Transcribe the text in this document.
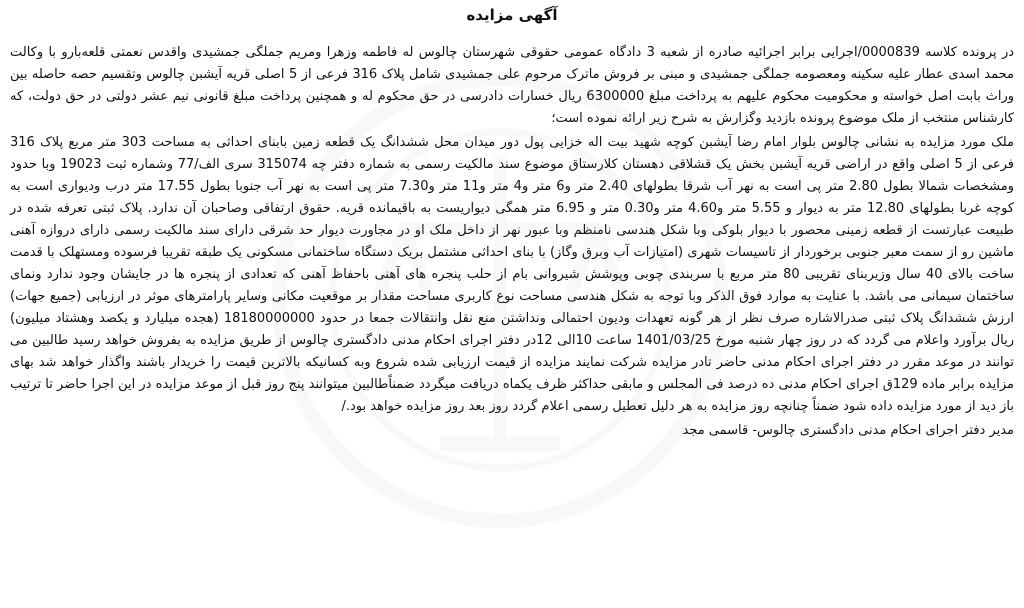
آگهی مزایده

در پرونده کلاسه 0000839/اجرایی برابر اجرائیه صادره از شعبه 3 دادگاه عمومی حقوقی شهرستان چالوس له فاطمه وزهرا ومریم جملگی جمشیدی واقدس نعمتی قلعه‌بارو با وکالت محمد اسدی عطار علیه سکینه ومعصومه جملگی جمشیدی و مبنی بر فروش ماترک مرحوم علی جمشیدی شامل پلاک 316 فرعی از 5 اصلی قریه آیشبن چالوس وتقسیم حصه حاصله بین وراث بابت اصل خواسته و محکومیت محکوم علیهم به پرداخت مبلغ 6300000 ریال خسارات دادرسی در حق محکوم له و همچنین پرداخت مبلغ قانونی نیم عشر دولتی در حق دولت، که کارشناس منتخب از ملک موضوع پرونده بازدید وگزارش به شرح زیر ارائه نموده است؛

ملک مورد مزایده به نشانی چالوس بلوار امام رضا آیشبن کوچه شهید بیت اله خزایی پول دور میدان محل ششدانگ یک قطعه زمین بابنای احداثی به مساحت 303 متر مربع پلاک 316 فرعی از 5 اصلی واقع در اراضی قریه آیشبن بخش یک قشلاقی دهستان کلارستاق موضوع سند مالکیت رسمی به شماره دفتر چه 315074 سری الف/77 وشماره ثبت 19023 وبا حدود ومشخصات شمالا بطول 2.80 متر پی است به نهر آب شرقا بطولهای 2.40 متر و6 متر و4 متر و11 متر و7.30 متر پی است به نهر آب جنوبا بطول 17.55 متر درب ودیواری است به کوچه غربا بطولهای 12.80 متر به دیوار و 5.55 متر و4.60 متر و0.30 متر و 6.95 متر همگی دیواریست به باقیمانده قریه. حقوق ارتفاقی وصاحبان آن ندارد. پلاک ثبتی تعرفه شده در طبیعت عبارتست از قطعه زمینی محصور با دیوار بلوکی وبا شکل هندسی نامنظم وبا عبور نهر از داخل ملک او در مجاورت دیوار حد شرقی دارای سند مالکیت رسمی دارای دروازه آهنی ماشین رو از سمت معبر جنوبی برخوردار از تاسیسات شهری (امتیازات آب وبرق وگاز) با بنای احداثی مشتمل بریک دستگاه ساختمانی مسکونی یک طبقه تقریبا فرسوده ومستهلک با قدمت ساخت بالای 40 سال وزیربنای تقریبی 80 متر مربع با سربندی چوبی وپوشش شیروانی بام از حلب پنجره های آهنی باحفاظ آهنی که تعدادی از پنجره ها در جایشان وجود ندارد ونمای ساختمان سیمانی می باشد. با عنایت به موارد فوق الذکر وبا توجه به شکل هندسی مساحت نوع کاربری مساحت مقدار بر موقعیت مکانی وسایر پارامترهای موثر در ارزیابی (جمیع جهات) ارزش ششدانگ پلاک ثبتی صدرالاشاره صرف نظر از هر گونه تعهدات ودیون احتمالی ونداشتن منع نقل وانتقالات جمعا در حدود 18180000000 (هجده میلیارد و یکصد وهشتاد میلیون) ریال برآورد واعلام می گردد که در روز چهار شنبه مورخ 1401/03/25 ساعت 10الی 12در دفتر اجرای احکام مدنی دادگستری چالوس از طریق مزایده به بفروش خواهد رسید طالبین می توانند در موعد مقرر در دفتر اجرای احکام مدنی حاضر تادر مزایده شرکت نمایند مزایده از قیمت ارزیابی شده شروع وبه کسانیکه بالاترین قیمت را خریدار باشند واگذار خواهد شد بهای مزایده برابر ماده 129ق اجرای احکام مدنی ده درصد فی المجلس و مابقی حداکثر ظرف یکماه دریافت میگردد ضمناًطالبین میتوانند پنج روز قبل از موعد مزایده در این اجرا حاضر تا ترتیب باز دید از مورد مزایده داده شود ضمناً چنانچه روز مزایده به هر دلیل تعطیل رسمی اعلام گردد روز بعد روز مزایده خواهد بود./

مدیر دفتر اجرای احکام مدنی دادگستری چالوس- قاسمی مجد
